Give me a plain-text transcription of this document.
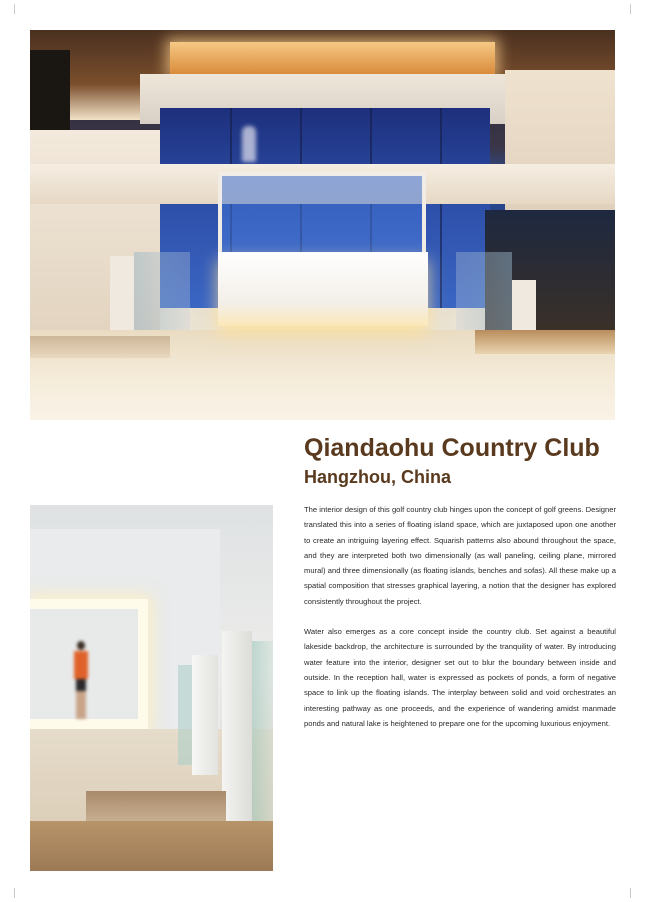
Qiandaohu Country Club
Hangzhou, China

The interior design of this golf country club hinges upon the concept of golf greens. Designer translated this into a series of floating island space, which are juxtaposed upon one another to create an intriguing layering effect. Squarish patterns also abound throughout the space, and they are interpreted both two dimensionally (as wall paneling, ceiling plane, mirrored mural) and three dimensionally (as floating islands, benches and sofas). All these make up a spatial composition that stresses graphical layering, a notion that the designer has explored consistently throughout the project.

Water also emerges as a core concept inside the country club. Set against a beautiful lakeside backdrop, the architecture is surrounded by the tranquility of water. By introducing water feature into the interior, designer set out to blur the boundary between inside and outside. In the reception hall, water is expressed as pockets of ponds, a form of negative space to link up the floating islands. The interplay between solid and void orchestrates an interesting pathway as one proceeds, and the experience of wandering amidst manmade ponds and natural lake is heightened to prepare one for the upcoming luxurious enjoyment.
